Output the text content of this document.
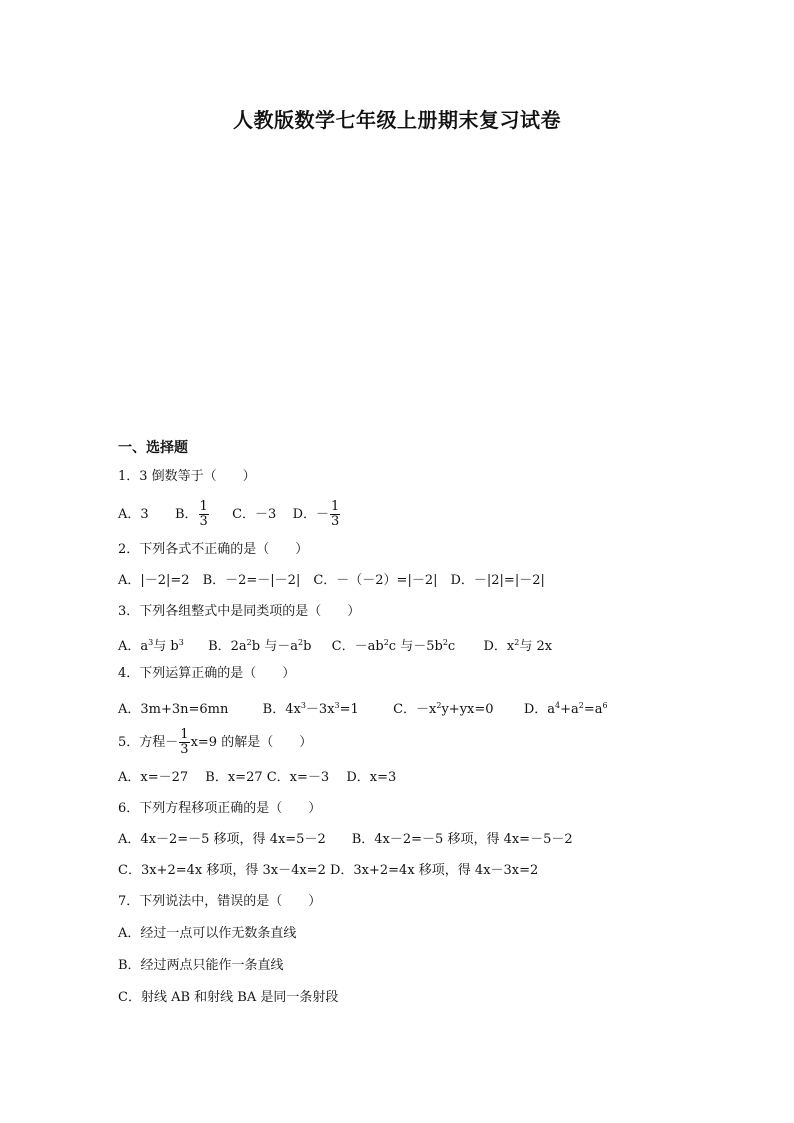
人教版数学七年级上册期末复习试卷
一、选择题
1．3 倒数等于（　　）
A．3 B． $\frac{1}{3}$ C．－3 D．－ $\frac{1}{3}$
2．下列各式不正确的是（　　）
A．|－2|=2　B．－2=－|－2|　C．－（－2）=|－2|　D．－|2|=|－2|
3．下列各组整式中是同类项的是（　　）
A．$a^3$与 $b^3$ B．$2a^2b$ 与$-a^2b$ C．$-ab^2c$ 与$-5b^2c$ D．$x^2$与 2x
4．下列运算正确的是（　　）
A．3m+3n=6mn	B．$4x^3-3x^3=1$	C．$-x^2y+yx=0$ D．$a^4+a^2=a^6$
5．方程－ $\frac{1}{3} x=9$ 的解是（　　）
A．x=－27　 B．x=27 C．x=－3　 D．x=3
6．下列方程移项正确的是（　　）
A．4x－2=－5 移项，得 4x=5－2　　B．4x－2=－5 移项，得 4x=－5－2
C．3x+2=4x 移项，得 3x－4x=2 D．3x+2=4x 移项，得 4x－3x=2
7．下列说法中，错误的是（　　）
A．经过一点可以作无数条直线
B．经过两点只能作一条直线
C．射线 AB 和射线 BA 是同一条射段
